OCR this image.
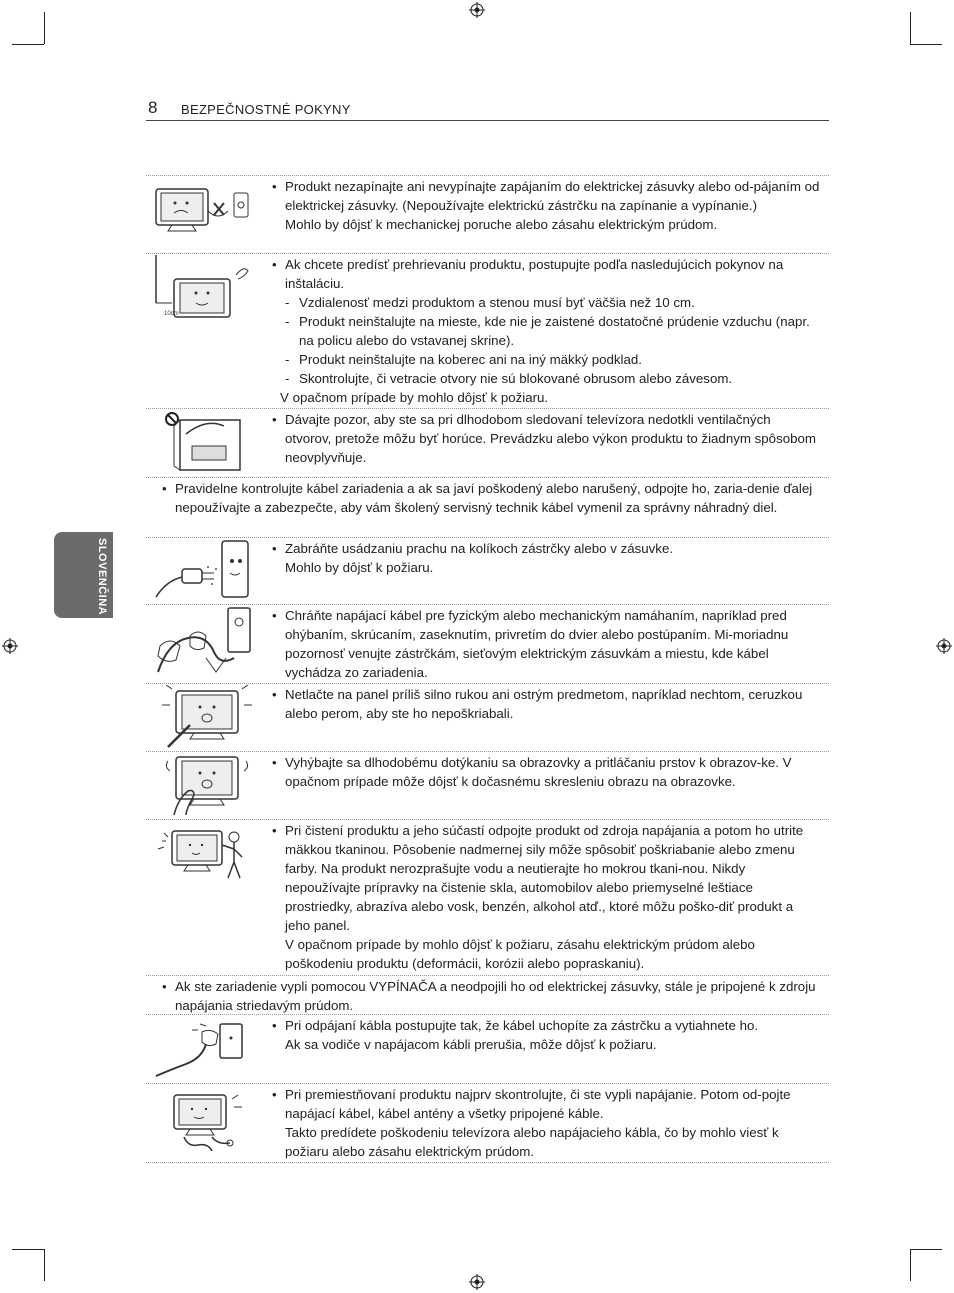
8 BEZPEČNOSTNÉ POKYNY
SLOVENČINA
• Produkt nezapínajte ani nevypínajte zapájaním do elektrickej zásuvky alebo od-pájaním od elektrickej zásuvky. (Nepoužívajte elektrickú zástrčku na zapínanie a vypínanie.)
Mohlo by dôjsť k mechanickej poruche alebo zásahu elektrickým prúdom.
10cm
• Ak chcete predísť prehrievaniu produktu, postupujte podľa nasledujúcich pokynov na inštaláciu.
- Vzdialenosť medzi produktom a stenou musí byť väčšia než 10 cm.
- Produkt neinštalujte na mieste, kde nie je zaistené dostatočné prúdenie vzduchu (napr. na policu alebo do vstavanej skrine).
- Produkt neinštalujte na koberec ani na iný mäkký podklad.
- Skontrolujte, či vetracie otvory nie sú blokované obrusom alebo závesom.
V opačnom prípade by mohlo dôjsť k požiaru.
• Dávajte pozor, aby ste sa pri dlhodobom sledovaní televízora nedotkli ventilačných otvorov, pretože môžu byť horúce. Prevádzku alebo výkon produktu to žiadnym spôsobom neovplyvňuje.
• Pravidelne kontrolujte kábel zariadenia a ak sa javí poškodený alebo narušený, odpojte ho, zaria-denie ďalej nepoužívajte a zabezpečte, aby vám školený servisný technik kábel vymenil za správny náhradný diel.
• Zabráňte usádzaniu prachu na kolíkoch zástrčky alebo v zásuvke.
Mohlo by dôjsť k požiaru.
• Chráňte napájací kábel pre fyzickým alebo mechanickým namáhaním, napríklad pred ohýbaním, skrúcaním, zaseknutím, privretím do dvier alebo postúpaním. Mi-moriadnu pozornosť venujte zástrčkám, sieťovým elektrickým zásuvkám a miestu, kde kábel vychádza zo zariadenia.
• Netlačte na panel príliš silno rukou ani ostrým predmetom, napríklad nechtom, ceruzkou alebo perom, aby ste ho nepoškriabali.
• Vyhýbajte sa dlhodobému dotýkaniu sa obrazovky a pritláčaniu prstov k obrazov-ke. V opačnom prípade môže dôjsť k dočasnému skresleniu obrazu na obrazovke.
• Pri čistení produktu a jeho súčastí odpojte produkt od zdroja napájania a potom ho utrite mäkkou tkaninou. Pôsobenie nadmernej sily môže spôsobiť poškriabanie alebo zmenu farby. Na produkt nerozprašujte vodu a neutierajte ho mokrou tkani-nou. Nikdy nepoužívajte prípravky na čistenie skla, automobilov alebo priemyselné leštiace prostriedky, abrazíva alebo vosk, benzén, alkohol atď., ktoré môžu poško-diť produkt a jeho panel.
V opačnom prípade by mohlo dôjsť k požiaru, zásahu elektrickým prúdom alebo poškodeniu produktu (deformácii, korózii alebo popraskaniu).
• Ak ste zariadenie vypli pomocou VYPÍNAČA a neodpojili ho od elektrickej zásuvky, stále je pripojené k zdroju napájania striedavým prúdom.
• Pri odpájaní kábla postupujte tak, že kábel uchopíte za zástrčku a vytiahnete ho.
Ak sa vodiče v napájacom kábli prerušia, môže dôjsť k požiaru.
• Pri premiestňovaní produktu najprv skontrolujte, či ste vypli napájanie. Potom od-pojte napájací kábel, kábel antény a všetky pripojené káble.
Takto predídete poškodeniu televízora alebo napájacieho kábla, čo by mohlo viesť k požiaru alebo zásahu elektrickým prúdom.
